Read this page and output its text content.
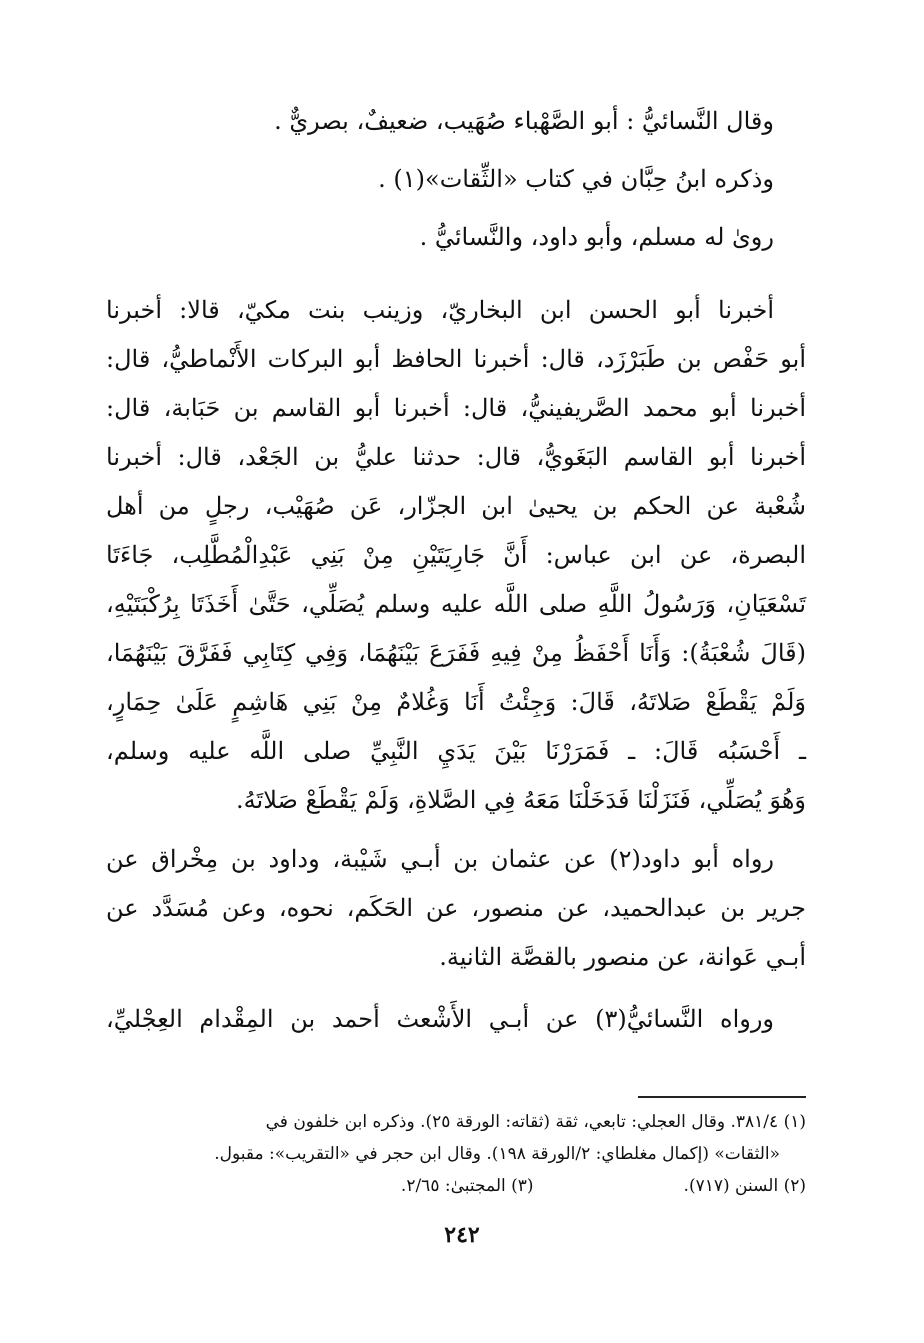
وقال النَّسائيُّ : أبو الصَّهْباء صُهَيب، ضعيفٌ، بصريٌّ .

وذكره ابنُ حِبَّان في كتاب «الثِّقات»(١) .

روىٰ له مسلم، وأبو داود، والنَّسائيُّ .

أخبرنا أبو الحسن ابن البخاريّ، وزينب بنت مكيّ، قالا: أخبرنا

أبو حَفْص بن طَبَرْزَد، قال: أخبرنا الحافظ أبو البركات الأَنْماطيُّ، قال:

أخبرنا أبو محمد الصَّريفينيُّ، قال: أخبرنا أبو القاسم بن حَبَابة، قال:

أخبرنا أبو القاسم البَغَويُّ، قال: حدثنا عليُّ بن الجَعْد، قال: أخبرنا

شُعْبة عن الحكم بن يحيىٰ ابن الجزّار، عَن صُهَيْب، رجلٍ من أهل

البصرة، عن ابن عباس: أَنَّ جَارِيَتَيْنِ مِنْ بَنِي عَبْدِالْمُطَّلِب، جَاءَتَا

تَسْعَيَانِ، وَرَسُولُ اللَّهِ صلى اللَّه عليه وسلم يُصَلِّي، حَتَّىٰ أَخَذَتَا بِرُكْبَتَيْهِ،

(قَالَ شُعْبَةُ): وَأَنَا أَحْفَظُ مِنْ فِيهِ فَفَرَعَ بَيْنَهُمَا، وَفِي كِتَابِي فَفَرَّقَ بَيْنَهُمَا،

وَلَمْ يَقْطَعْ صَلاتَهُ، قَالَ: وَجِئْتُ أَنَا وَغُلامٌ مِنْ بَنِي هَاشِمٍ عَلَىٰ حِمَارٍ،

ـ أَحْسَبُه قَالَ: ـ فَمَرَرْنَا بَيْنَ يَدَيِ النَّبِيِّ صلى اللَّه عليه وسلم،

وَهُوَ يُصَلِّي، فَنَزَلْنَا فَدَخَلْنَا مَعَهُ فِي الصَّلاةِ، وَلَمْ يَقْطَعْ صَلاتَهُ.

رواه أبو داود(٢) عن عثمان بن أبـي شَيْبة، وداود بن مِخْراق عن

جرير بن عبدالحميد، عن منصور، عن الحَكَم، نحوه، وعن مُسَدَّد عن

أبـي عَوانة، عن منصور بالقصَّة الثانية.

ورواه النَّسائيُّ(٣) عن أبـي الأَشْعث أحمد بن المِقْدام العِجْليِّ،

(١) ٣٨١/٤. وقال العجلي: تابعي، ثقة (ثقاته: الورقة ٢٥). وذكره ابن خلفون في

«الثقات» (إكمال مغلطاي: ٢/الورقة ١٩٨). وقال ابن حجر في «التقريب»: مقبول.

(٢) السنن (٧١٧).
(٣) المجتبىٰ: ٢/٦٥.
٢٤٢
